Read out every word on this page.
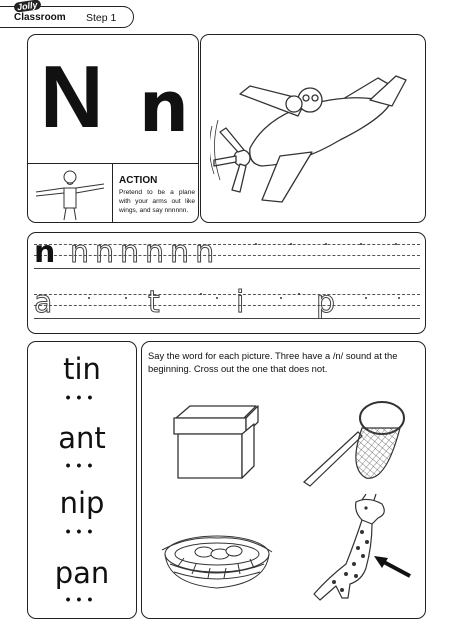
Jolly
Classroom Step 1
N n
ACTION
Pretend to be a plane with your arms out like wings, and say nnnnnn.
n nnnnnn
a	t i p
tin
•••
ant
•••
nip
•••
pan
•••
Say the word for each picture. Three have a /n/ sound at the beginning. Cross out the one that does not.
